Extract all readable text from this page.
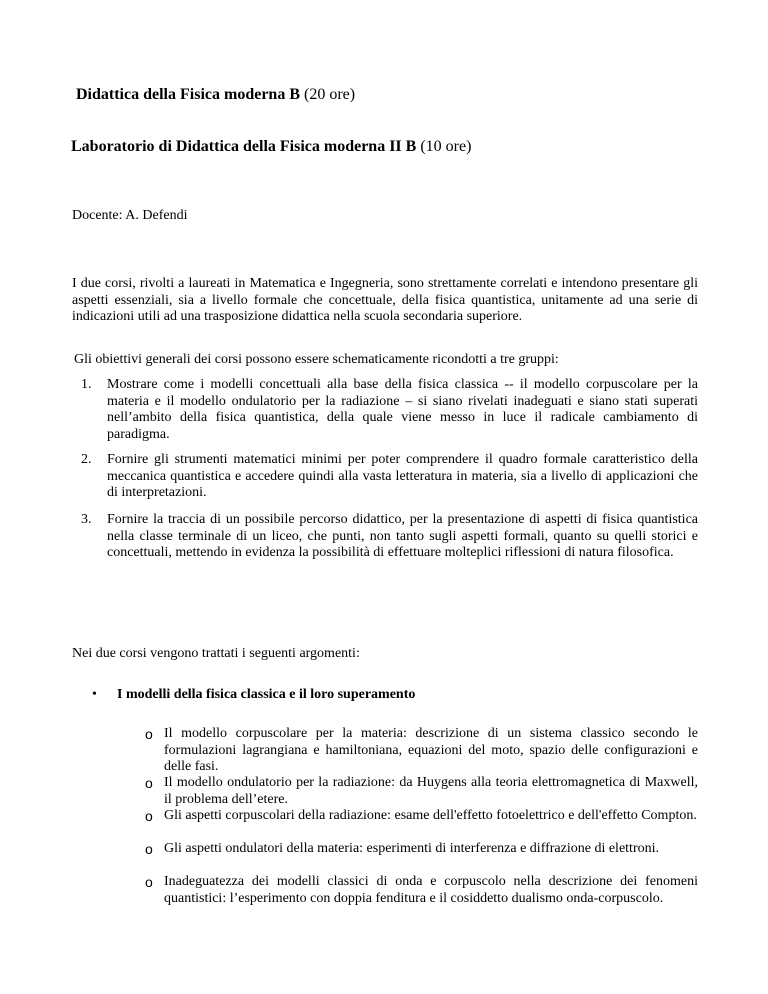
Didattica della Fisica moderna B (20 ore)
Laboratorio di Didattica della Fisica moderna II B (10 ore)
Docente: A. Defendi
I due corsi, rivolti a laureati in Matematica e Ingegneria, sono strettamente correlati e intendono presentare gli aspetti essenziali, sia a livello formale che concettuale, della fisica quantistica, unitamente ad una serie di indicazioni utili ad una trasposizione didattica nella scuola secondaria superiore.
Gli obiettivi generali dei corsi possono essere schematicamente ricondotti a tre gruppi:
1. Mostrare come i modelli concettuali alla base della fisica classica -- il modello corpuscolare per la materia e il modello ondulatorio per la radiazione – si siano rivelati inadeguati e siano stati superati nell’ambito della fisica quantistica, della quale viene messo in luce il radicale cambiamento di paradigma.
2. Fornire gli strumenti matematici minimi per poter comprendere il quadro formale caratteristico della meccanica quantistica e accedere quindi alla vasta letteratura in materia, sia a livello di applicazioni che di interpretazioni.
3. Fornire la traccia di un possibile percorso didattico, per la presentazione di aspetti di fisica quantistica nella classe terminale di un liceo, che punti, non tanto sugli aspetti formali, quanto su quelli storici e concettuali, mettendo in evidenza la possibilità di effettuare molteplici riflessioni di natura filosofica.
Nei due corsi vengono trattati i seguenti argomenti:
• I modelli della fisica classica e il loro superamento
o Il modello corpuscolare per la materia: descrizione di un sistema classico secondo le formulazioni lagrangiana e hamiltoniana, equazioni del moto, spazio delle configurazioni e delle fasi.
o Il modello ondulatorio per la radiazione: da Huygens alla teoria elettromagnetica di Maxwell, il problema dell’etere.
o Gli aspetti corpuscolari della radiazione: esame dell'effetto fotoelettrico e dell'effetto Compton.
o Gli aspetti ondulatori della materia: esperimenti di interferenza e diffrazione di elettroni.
o Inadeguatezza dei modelli classici di onda e corpuscolo nella descrizione dei fenomeni quantistici: l’esperimento con doppia fenditura e il cosiddetto dualismo onda-corpuscolo.
